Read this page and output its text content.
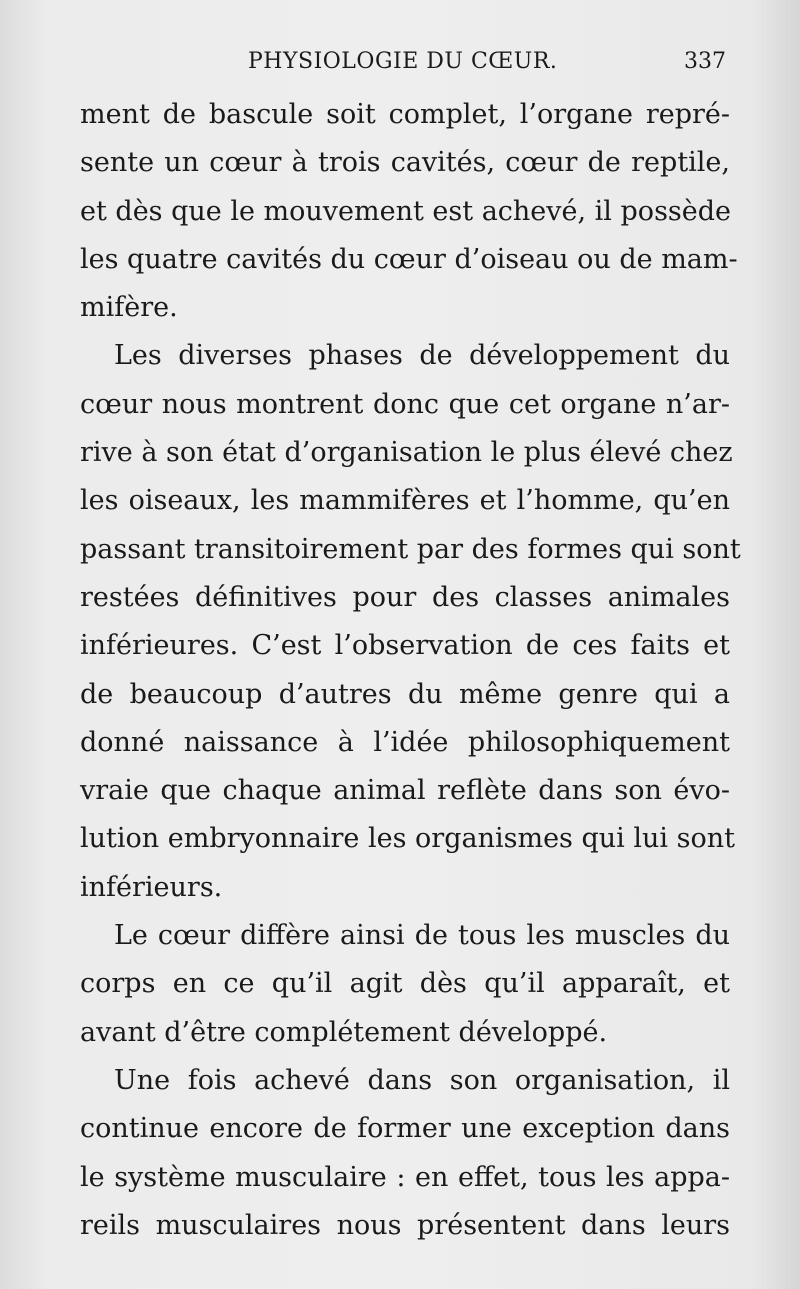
PHYSIOLOGIE DU CŒUR.	337
ment de bascule soit complet, l’organe repré-
sente un cœur à trois cavités, cœur de reptile,
et dès que le mouvement est achevé, il possède
les quatre cavités du cœur d’oiseau ou de mam-
mifère.
Les diverses phases de développement du
cœur nous montrent donc que cet organe n’ar-
rive à son état d’organisation le plus élevé chez
les oiseaux, les mammifères et l’homme, qu’en
passant transitoirement par des formes qui sont
restées définitives pour des classes animales
inférieures. C’est l’observation de ces faits et
de beaucoup d’autres du même genre qui a
donné naissance à l’idée philosophiquement
vraie que chaque animal reflète dans son évo-
lution embryonnaire les organismes qui lui sont
inférieurs.
Le cœur diffère ainsi de tous les muscles du
corps en ce qu’il agit dès qu’il apparaît, et
avant d’être complétement développé.
Une fois achevé dans son organisation, il
continue encore de former une exception dans
le système musculaire : en effet, tous les appa-
reils musculaires nous présentent dans leurs
